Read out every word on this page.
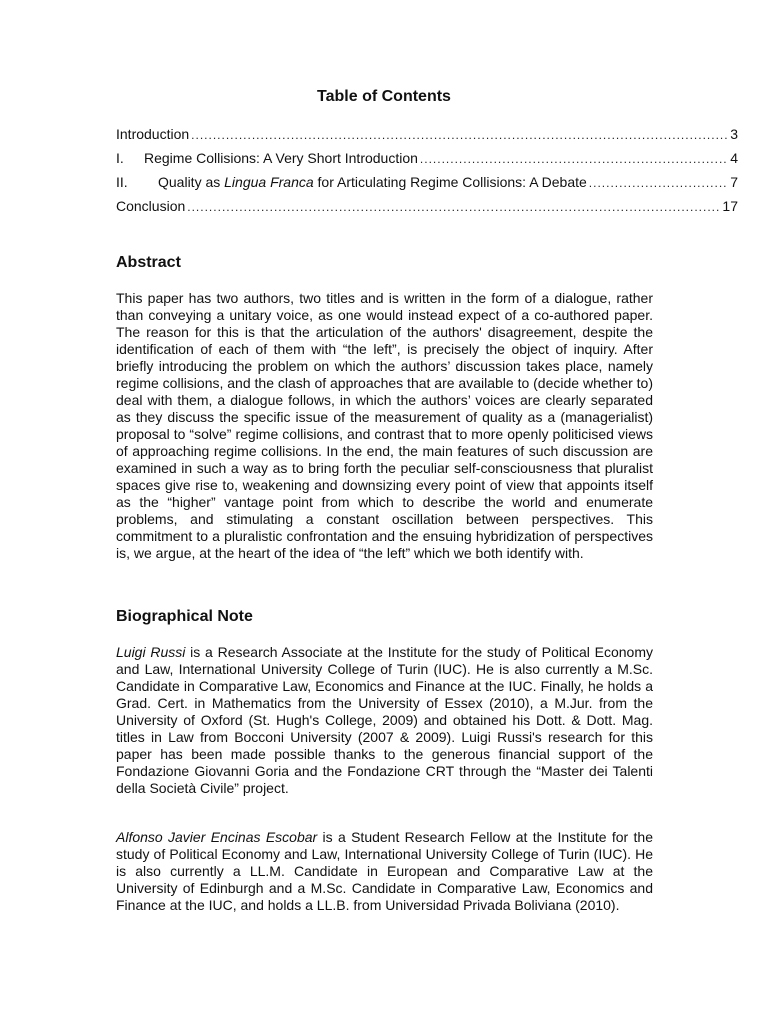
Table of Contents
Introduction .....	3
I.	Regime Collisions: A Very Short Introduction .....	4
II.	Quality as Lingua Franca for Articulating Regime Collisions: A Debate .....	7
Conclusion .....	17
Abstract
This paper has two authors, two titles and is written in the form of a dialogue, rather than conveying a unitary voice, as one would instead expect of a co-authored paper. The reason for this is that the articulation of the authors' disagreement, despite the identification of each of them with “the left”, is precisely the object of inquiry. After briefly introducing the problem on which the authors’ discussion takes place, namely regime collisions, and the clash of approaches that are available to (decide whether to) deal with them, a dialogue follows, in which the authors’ voices are clearly separated as they discuss the specific issue of the measurement of quality as a (managerialist) proposal to “solve” regime collisions, and contrast that to more openly politicised views of approaching regime collisions. In the end, the main features of such discussion are examined in such a way as to bring forth the peculiar self-consciousness that pluralist spaces give rise to, weakening and downsizing every point of view that appoints itself as the “higher” vantage point from which to describe the world and enumerate problems, and stimulating a constant oscillation between perspectives. This commitment to a pluralistic confrontation and the ensuing hybridization of perspectives is, we argue, at the heart of the idea of “the left” which we both identify with.
Biographical Note
Luigi Russi is a Research Associate at the Institute for the study of Political Economy and Law, International University College of Turin (IUC). He is also currently a M.Sc. Candidate in Comparative Law, Economics and Finance at the IUC. Finally, he holds a Grad. Cert. in Mathematics from the University of Essex (2010), a M.Jur. from the University of Oxford (St. Hugh's College, 2009) and obtained his Dott. & Dott. Mag. titles in Law from Bocconi University (2007 & 2009). Luigi Russi's research for this paper has been made possible thanks to the generous financial support of the Fondazione Giovanni Goria and the Fondazione CRT through the “Master dei Talenti della Società Civile” project.
Alfonso Javier Encinas Escobar is a Student Research Fellow at the Institute for the study of Political Economy and Law, International University College of Turin (IUC). He is also currently a LL.M. Candidate in European and Comparative Law at the University of Edinburgh and a M.Sc. Candidate in Comparative Law, Economics and Finance at the IUC, and holds a LL.B. from Universidad Privada Boliviana (2010).
